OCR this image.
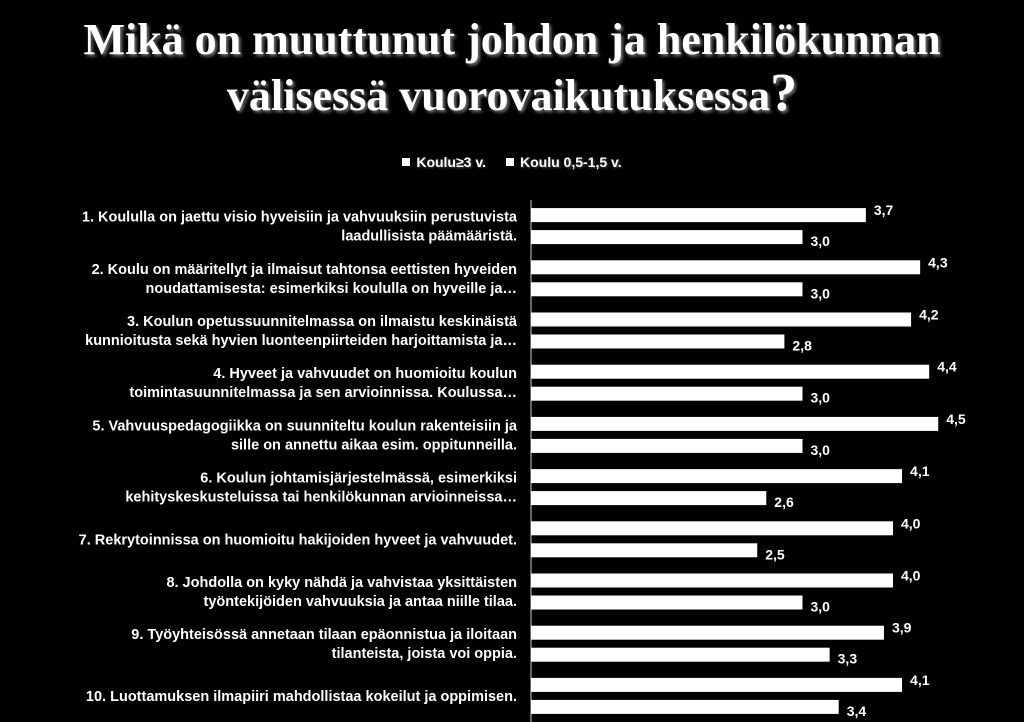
Mikä on muuttunut johdon ja henkilökunnan
välisessä vuorovaikutuksessa?
Koulu≥3 v. Koulu 0,5-1,5 v.
1. Koululla on jaettu visio hyveisiin ja vahvuuksiin perustuvista laadullisista päämääristä.
3,7
3,0
2. Koulu on määritellyt ja ilmaisut tahtonsa eettisten hyveiden noudattamisesta: esimerkiksi koululla on hyveille ja…
4,3
3,0
3. Koulun opetussuunnitelmassa on ilmaistu keskinäistä kunnioitusta sekä hyvien luonteenpiirteiden harjoittamista ja…
4,2
2,8
4. Hyveet ja vahvuudet on huomioitu koulun toimintasuunnitelmassa ja sen arvioinnissa. Koulussa…
4,4
3,0
5. Vahvuuspedagogiikka on suunniteltu koulun rakenteisiin ja sille on annettu aikaa esim. oppitunneilla.
4,5
3,0
6. Koulun johtamisjärjestelmässä, esimerkiksi kehityskeskusteluissa tai henkilökunnan arvioinneissa…
4,1
2,6
7. Rekrytoinnissa on huomioitu hakijoiden hyveet ja vahvuudet.
4,0
2,5
8. Johdolla on kyky nähdä ja vahvistaa yksittäisten työntekijöiden vahvuuksia ja antaa niille tilaa.
4,0
3,0
9. Työyhteisössä annetaan tilaan epäonnistua ja iloitaan tilanteista, joista voi oppia.
3,9
3,3
10. Luottamuksen ilmapiiri mahdollistaa kokeilut ja oppimisen.
4,1
3,4
